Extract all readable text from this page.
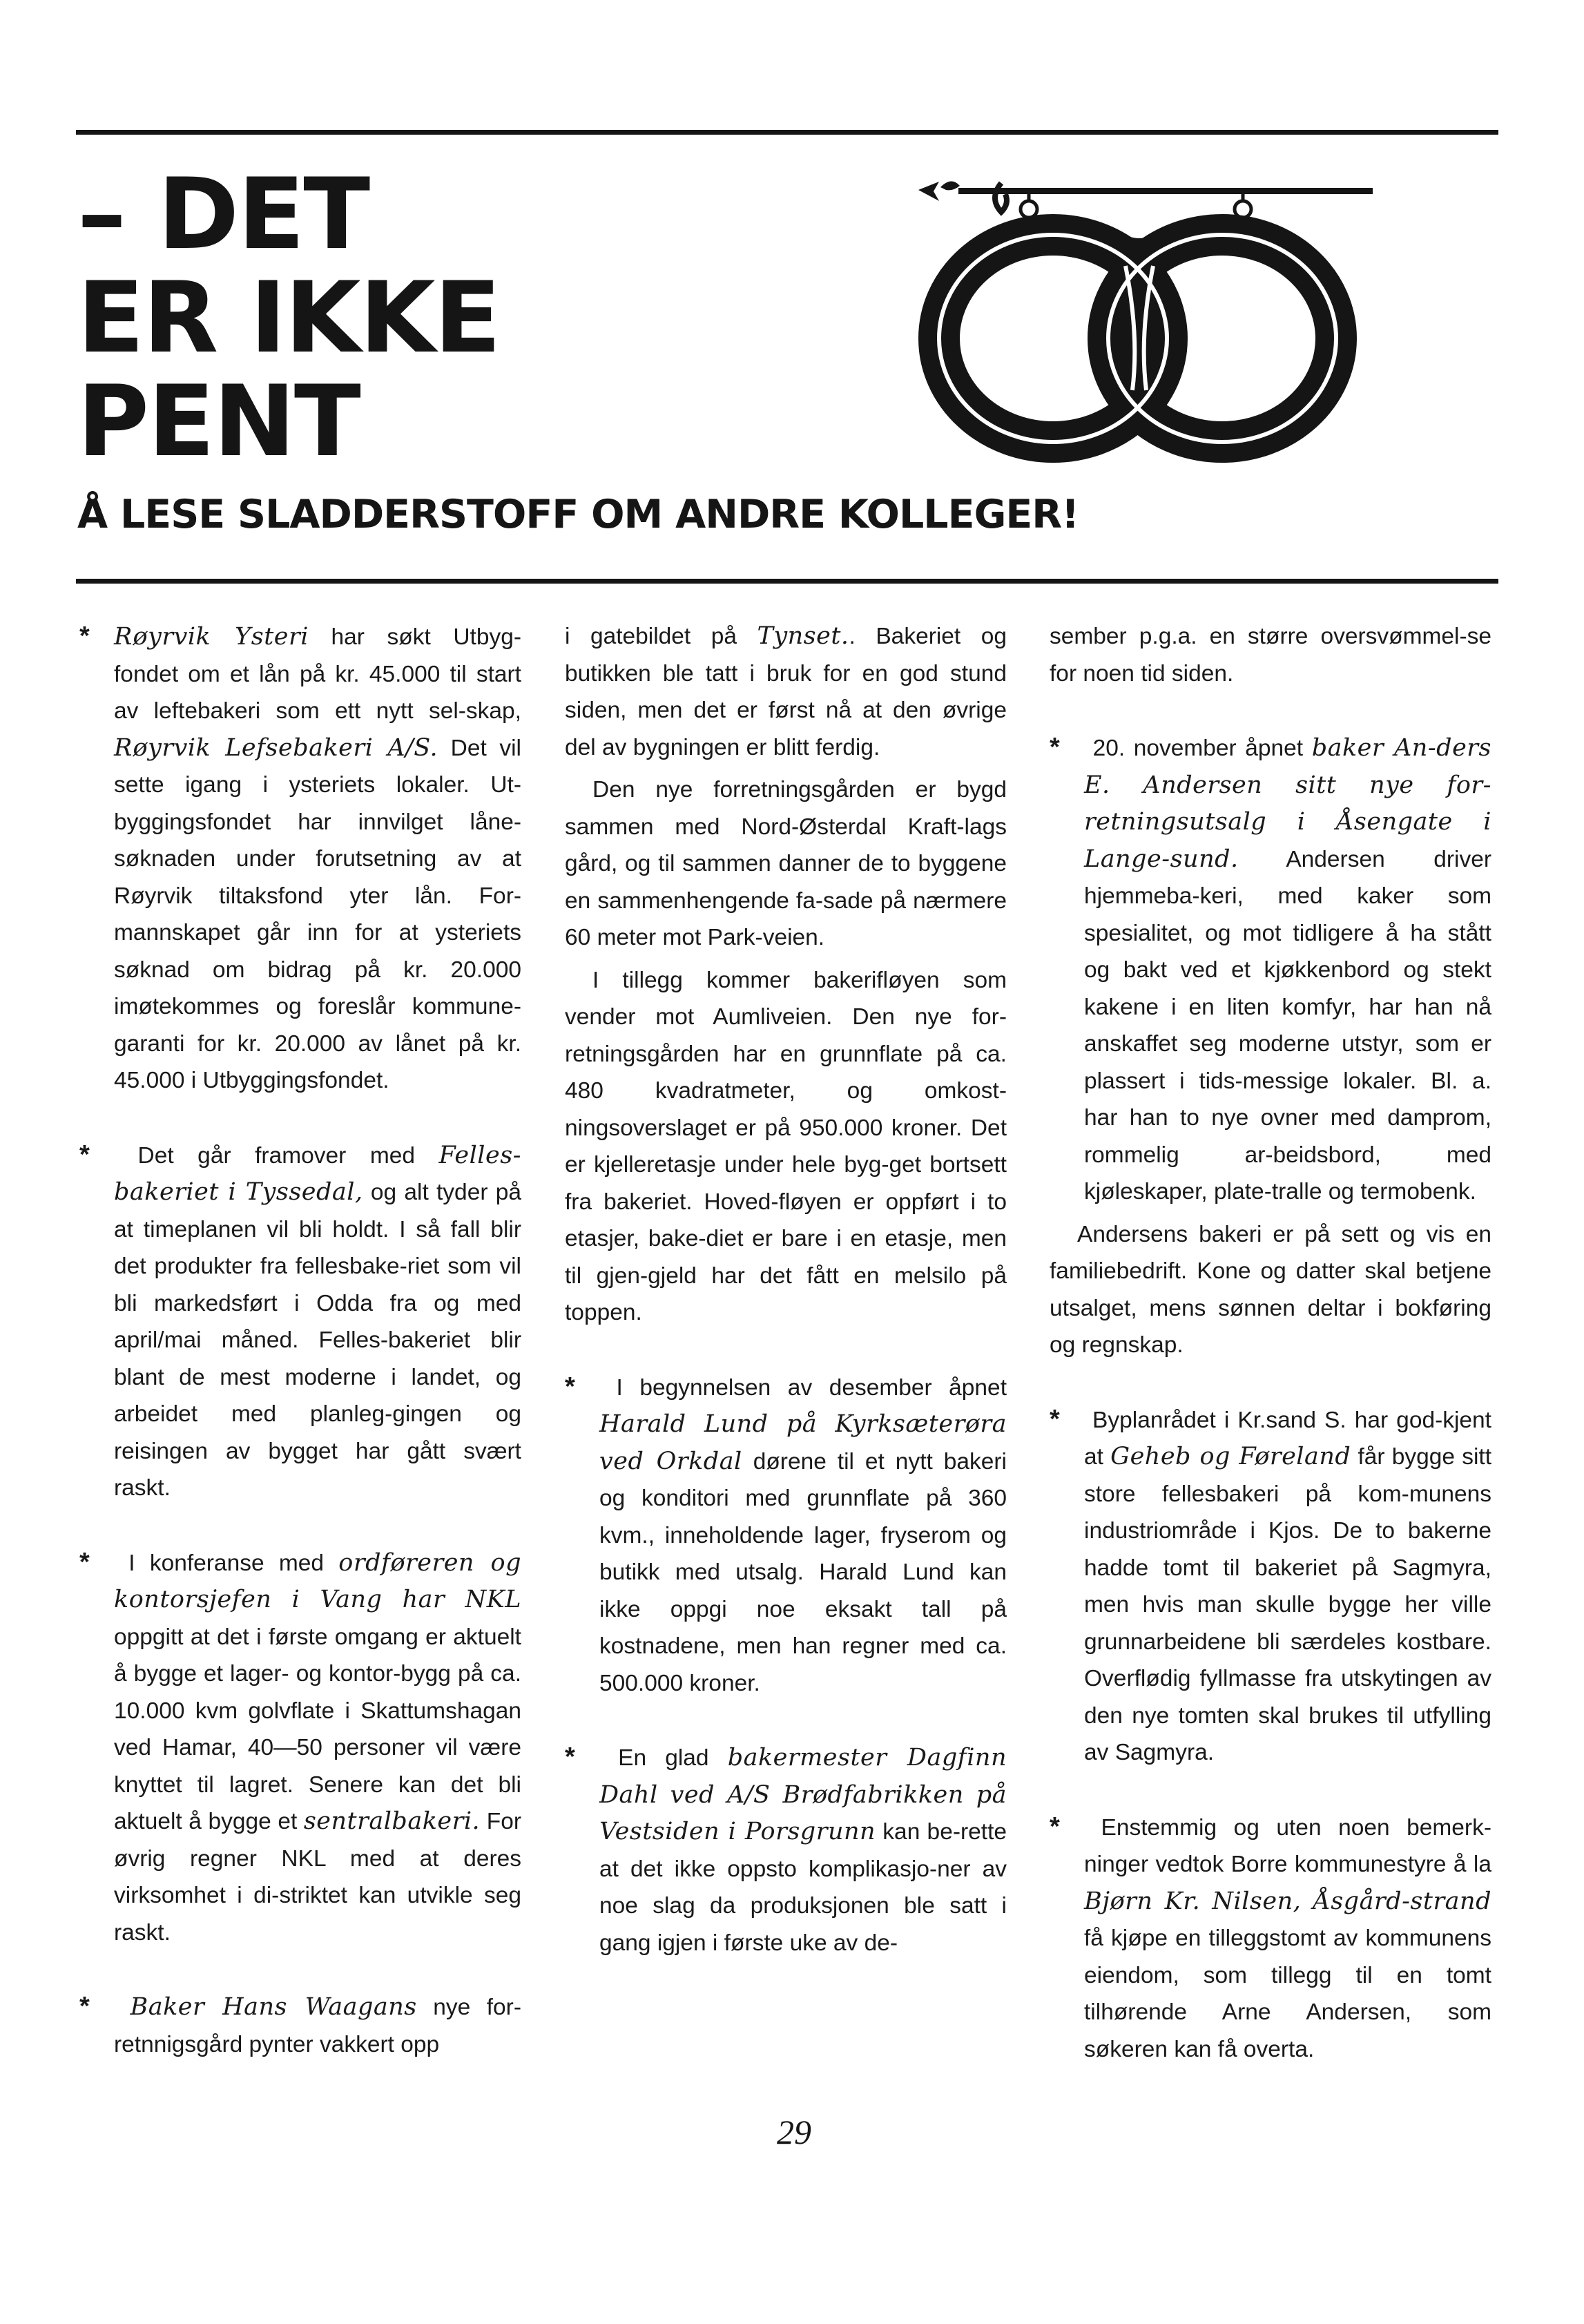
– DET
ER IKKE
PENT
Å LESE SLADDERSTOFF OM ANDRE KOLLEGER!

* Røyrvik Ysteri har søkt Utbyg-fondet om et lån på kr. 45.000 til start av leftebakeri som ett nytt sel-skap, Røyrvik Lefsebakeri A/S. Det vil sette igang i ysteriets lokaler. Ut-byggingsfondet har innvilget låne-søknaden under forutsetning av at Røyrvik tiltaksfond yter lån. For-mannskapet går inn for at ysteriets søknad om bidrag på kr. 20.000 imøtekommes og foreslår kommune-garanti for kr. 20.000 av lånet på kr. 45.000 i Utbyggingsfondet.

* Det går framover med Felles-bakeriet i Tyssedal, og alt tyder på at timeplanen vil bli holdt. I så fall blir det produkter fra fellesbake-riet som vil bli markedsført i Odda fra og med april/mai måned. Felles-bakeriet blir blant de mest moderne i landet, og arbeidet med planleg-gingen og reisingen av bygget har gått svært raskt.

* I konferanse med ordføreren og kontorsjefen i Vang har NKL oppgitt at det i første omgang er aktuelt å bygge et lager- og kontor-bygg på ca. 10.000 kvm golvflate i Skattumshagan ved Hamar, 40—50 personer vil være knyttet til lagret. Senere kan det bli aktuelt å bygge et sentralbakeri. For øvrig regner NKL med at deres virksomhet i di-striktet kan utvikle seg raskt.

* Baker Hans Waagans nye for-retnnigsgård pynter vakkert opp

i gatebildet på Tynset.. Bakeriet og butikken ble tatt i bruk for en god stund siden, men det er først nå at den øvrige del av bygningen er blitt ferdig.

Den nye forretningsgården er bygd sammen med Nord-Østerdal Kraft-lags gård, og til sammen danner de to byggene en sammenhengende fa-sade på nærmere 60 meter mot Park-veien.

I tillegg kommer bakerifløyen som vender mot Aumliveien. Den nye for-retningsgården har en grunnflate på ca. 480 kvadratmeter, og omkost-ningsoverslaget er på 950.000 kroner. Det er kjelleretasje under hele byg-get bortsett fra bakeriet. Hoved-fløyen er oppført i to etasjer, bake-diet er bare i en etasje, men til gjen-gjeld har det fått en melsilo på toppen.

* I begynnelsen av desember åpnet Harald Lund på Kyrksæterøra ved Orkdal dørene til et nytt bakeri og konditori med grunnflate på 360 kvm., inneholdende lager, fryserom og butikk med utsalg. Harald Lund kan ikke oppgi noe eksakt tall på kostnadene, men han regner med ca. 500.000 kroner.

* En glad bakermester Dagfinn Dahl ved A/S Brødfabrikken på Vestsiden i Porsgrunn kan be-rette at det ikke oppsto komplikasjo-ner av noe slag da produksjonen ble satt i gang igjen i første uke av de-

sember p.g.a. en større oversvømmel-se for noen tid siden.

* 20. november åpnet baker An-ders E. Andersen sitt nye for-retningsutsalg i Åsengate i Lange-sund. Andersen driver hjemmeba-keri, med kaker som spesialitet, og mot tidligere å ha stått og bakt ved et kjøkkenbord og stekt kakene i en liten komfyr, har han nå anskaffet seg moderne utstyr, som er plassert i tids-messige lokaler. Bl. a. har han to nye ovner med damprom, rommelig ar-beidsbord, med kjøleskaper, plate-tralle og termobenk.

Andersens bakeri er på sett og vis en familiebedrift. Kone og datter skal betjene utsalget, mens sønnen deltar i bokføring og regnskap.

* Byplanrådet i Kr.sand S. har god-kjent at Geheb og Føreland får bygge sitt store fellesbakeri på kom-munens industriområde i Kjos. De to bakerne hadde tomt til bakeriet på Sagmyra, men hvis man skulle bygge her ville grunnarbeidene bli særdeles kostbare. Overflødig fyllmasse fra utskytingen av den nye tomten skal brukes til utfylling av Sagmyra.

* Enstemmig og uten noen bemerk-ninger vedtok Borre kommunestyre å la Bjørn Kr. Nilsen, Åsgård-strand få kjøpe en tilleggstomt av kommunens eiendom, som tillegg til en tomt tilhørende Arne Andersen, som søkeren kan få overta.

29
